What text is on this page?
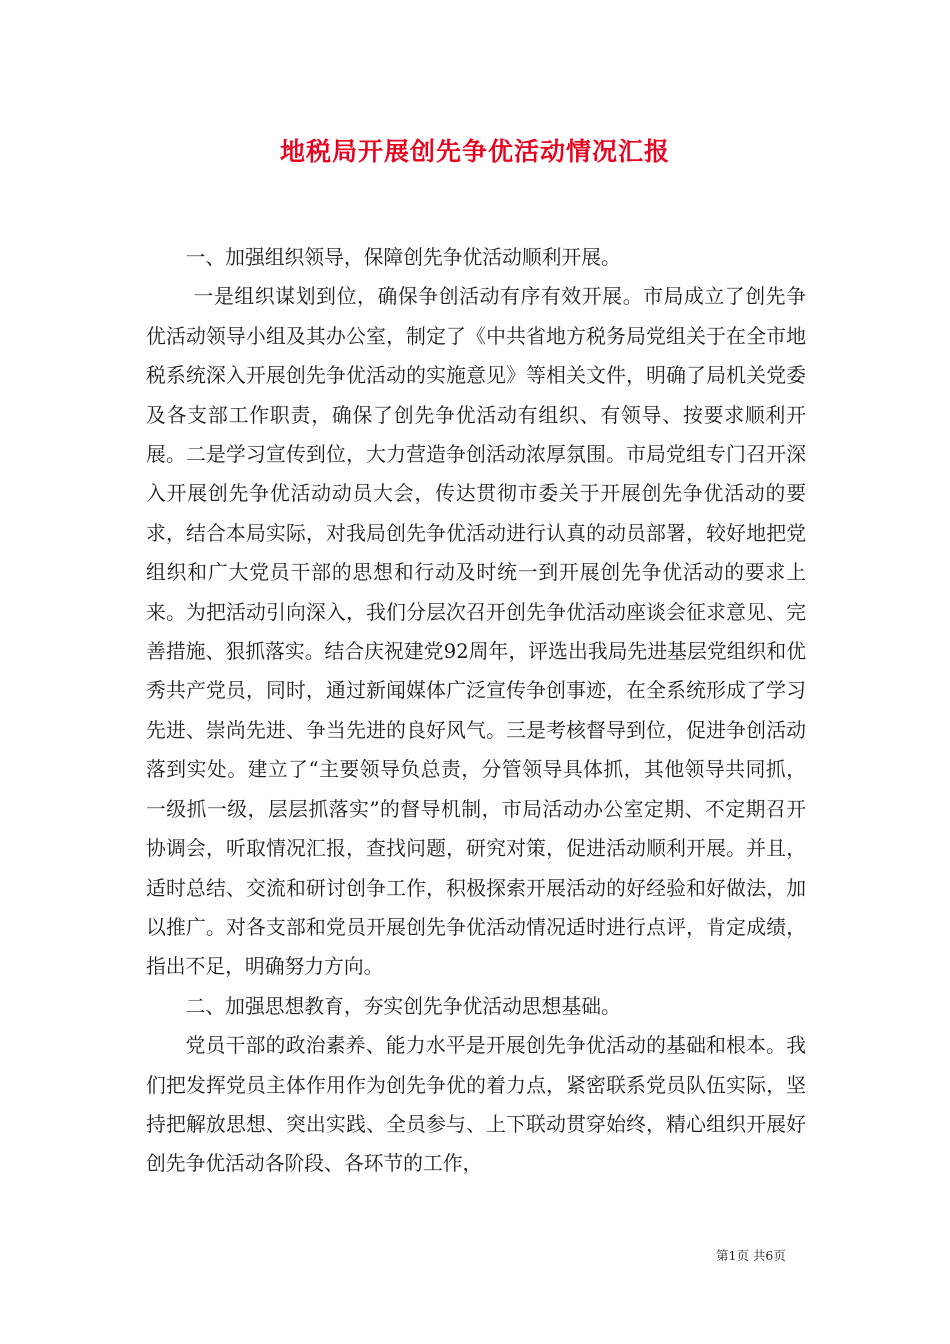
地税局开展创先争优活动情况汇报

一、加强组织领导，保障创先争优活动顺利开展。

一是组织谋划到位，确保争创活动有序有效开展。市局成立了创先争优活动领导小组及其办公室，制定了《中共省地方税务局党组关于在全市地税系统深入开展创先争优活动的实施意见》等相关文件，明确了局机关党委及各支部工作职责，确保了创先争优活动有组织、有领导、按要求顺利开展。二是学习宣传到位，大力营造争创活动浓厚氛围。市局党组专门召开深入开展创先争优活动动员大会，传达贯彻市委关于开展创先争优活动的要求，结合本局实际，对我局创先争优活动进行认真的动员部署，较好地把党组织和广大党员干部的思想和行动及时统一到开展创先争优活动的要求上来。为把活动引向深入，我们分层次召开创先争优活动座谈会征求意见、完善措施、狠抓落实。结合庆祝建党92周年，评选出我局先进基层党组织和优秀共产党员，同时，通过新闻媒体广泛宣传争创事迹，在全系统形成了学习先进、崇尚先进、争当先进的良好风气。三是考核督导到位，促进争创活动落到实处。建立了“主要领导负总责，分管领导具体抓，其他领导共同抓，一级抓一级，层层抓落实”的督导机制，市局活动办公室定期、不定期召开协调会，听取情况汇报，查找问题，研究对策，促进活动顺利开展。并且，适时总结、交流和研讨创争工作，积极探索开展活动的好经验和好做法，加以推广。对各支部和党员开展创先争优活动情况适时进行点评，肯定成绩，指出不足，明确努力方向。

二、加强思想教育，夯实创先争优活动思想基础。

党员干部的政治素养、能力水平是开展创先争优活动的基础和根本。我们把发挥党员主体作用作为创先争优的着力点，紧密联系党员队伍实际，坚持把解放思想、突出实践、全员参与、上下联动贯穿始终，精心组织开展好创先争优活动各阶段、各环节的工作，

第1页 共6页
